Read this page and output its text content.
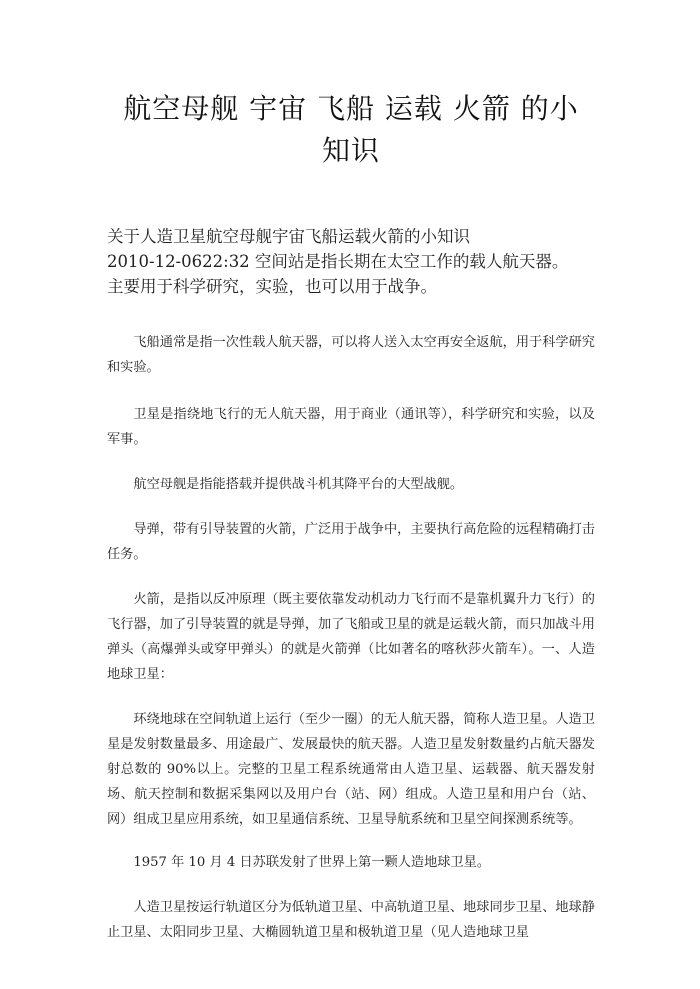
航空母舰 宇宙 飞船 运载 火箭 的小知识
关于人造卫星航空母舰宇宙飞船运载火箭的小知识
2010-12-0622:32 空间站是指长期在太空工作的载人航天器。
主要用于科学研究，实验，也可以用于战争。

飞船通常是指一次性载人航天器，可以将人送入太空再安全返航，用于科学研究和实验。

卫星是指绕地飞行的无人航天器，用于商业（通讯等），科学研究和实验，以及军事。

航空母舰是指能搭载并提供战斗机其降平台的大型战舰。

导弹，带有引导装置的火箭，广泛用于战争中，主要执行高危险的远程精确打击任务。

火箭，是指以反冲原理（既主要依靠发动机动力飞行而不是靠机翼升力飞行）的飞行器，加了引导装置的就是导弹，加了飞船或卫星的就是运载火箭，而只加战斗用弹头（高爆弹头或穿甲弹头）的就是火箭弹（比如著名的喀秋莎火箭车）。一、人造地球卫星：

环绕地球在空间轨道上运行（至少一圈）的无人航天器，简称人造卫星。人造卫星是发射数量最多、用途最广、发展最快的航天器。人造卫星发射数量约占航天器发射总数的 90%以上。完整的卫星工程系统通常由人造卫星、运载器、航天器发射场、航天控制和数据采集网以及用户台（站、网）组成。人造卫星和用户台（站、网）组成卫星应用系统，如卫星通信系统、卫星导航系统和卫星空间探测系统等。

1957 年 10 月 4 日苏联发射了世界上第一颗人造地球卫星。

人造卫星按运行轨道区分为低轨道卫星、中高轨道卫星、地球同步卫星、地球静止卫星、太阳同步卫星、大椭圆轨道卫星和极轨道卫星（见人造地球卫星
